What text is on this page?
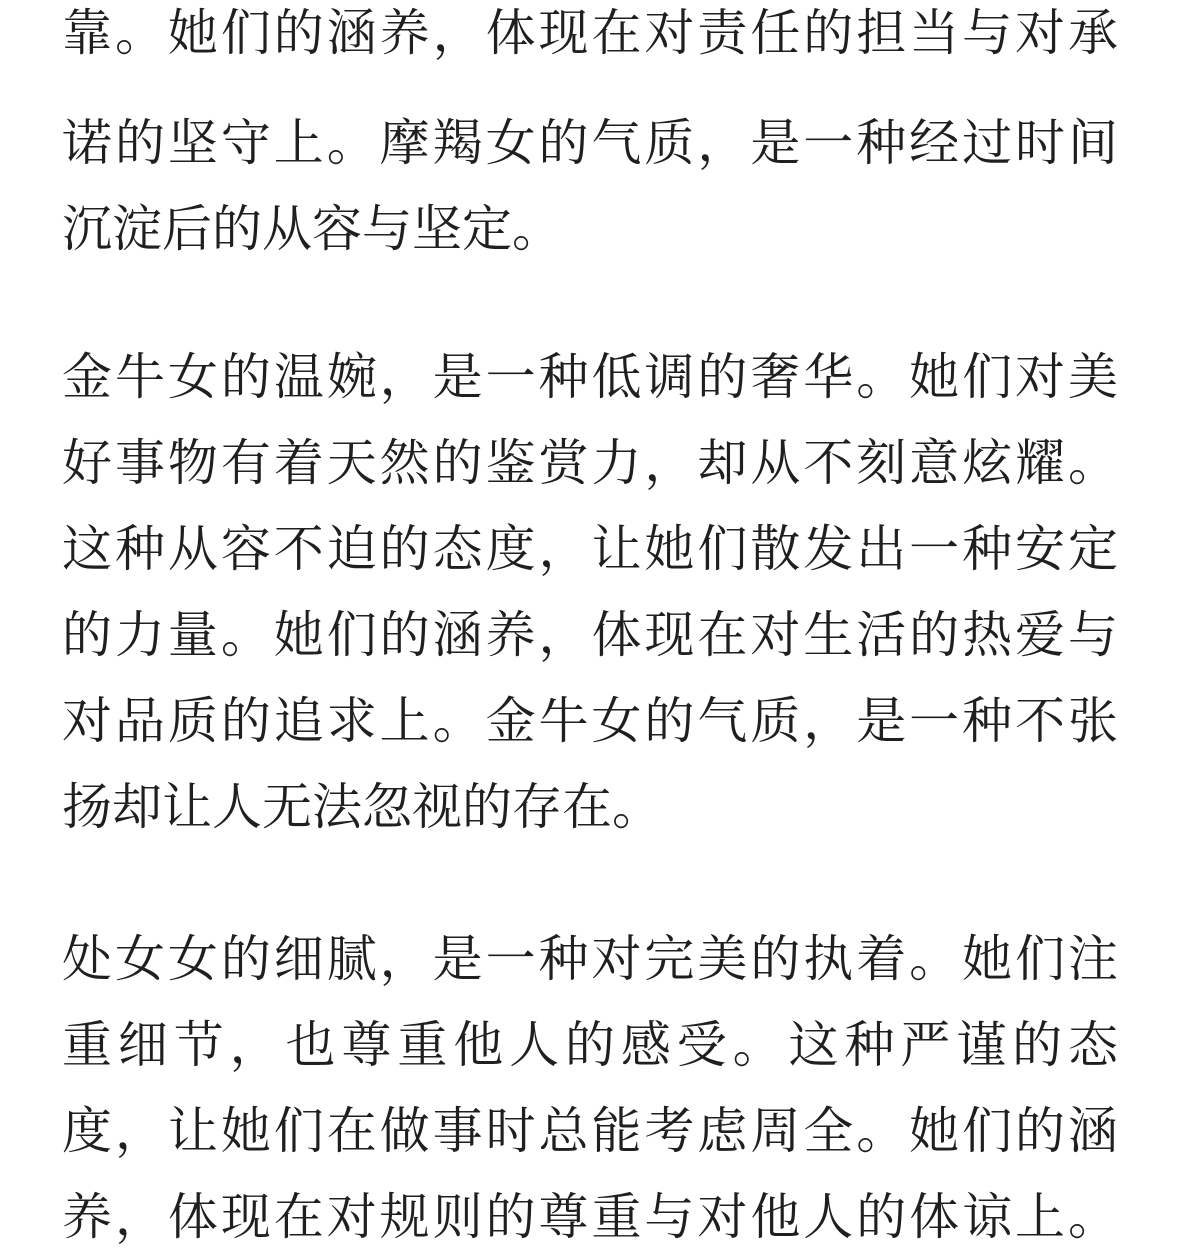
靠。她们的涵养，体现在对责任的担当与对承
诺的坚守上。摩羯女的气质，是一种经过时间
沉淀后的从容与坚定。
金牛女的温婉，是一种低调的奢华。她们对美
好事物有着天然的鉴赏力，却从不刻意炫耀。
这种从容不迫的态度，让她们散发出一种安定
的力量。她们的涵养，体现在对生活的热爱与
对品质的追求上。金牛女的气质，是一种不张
扬却让人无法忽视的存在。
处女女的细腻，是一种对完美的执着。她们注
重细节，也尊重他人的感受。这种严谨的态
度，让她们在做事时总能考虑周全。她们的涵
养，体现在对规则的尊重与对他人的体谅上。
